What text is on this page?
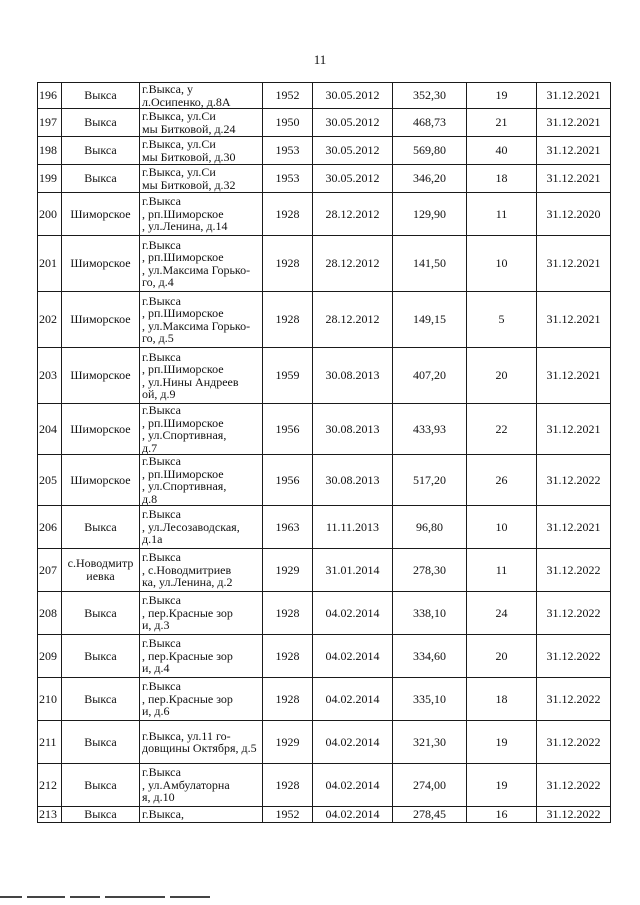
11
196	Выкса	г.Выкса, у
л.Осипенко, д.8А	1952	30.05.2012	352,30	19	31.12.2021
197	Выкса	г.Выкса, ул.Си
мы Битковой, д.24	1950	30.05.2012	468,73	21	31.12.2021
198	Выкса	г.Выкса, ул.Си
мы Битковой, д.30	1953	30.05.2012	569,80	40	31.12.2021
199	Выкса	г.Выкса, ул.Си
мы Битковой, д.32	1953	30.05.2012	346,20	18	31.12.2021
200	Шиморское	г.Выкса
, рп.Шиморское
, ул.Ленина, д.14	1928	28.12.2012	129,90	11	31.12.2020
201	Шиморское	г.Выкса
, рп.Шиморское
, ул.Максима Горько-
го, д.4	1928	28.12.2012	141,50	10	31.12.2021
202	Шиморское	г.Выкса
, рп.Шиморское
, ул.Максима Горько-
го, д.5	1928	28.12.2012	149,15	5	31.12.2021
203	Шиморское	г.Выкса
, рп.Шиморское
, ул.Нины Андреев
ой, д.9	1959	30.08.2013	407,20	20	31.12.2021
204	Шиморское	г.Выкса
, рп.Шиморское
, ул.Спортивная,
д.7	1956	30.08.2013	433,93	22	31.12.2021
205	Шиморское	г.Выкса
, рп.Шиморское
, ул.Спортивная,
д.8	1956	30.08.2013	517,20	26	31.12.2022
206	Выкса	г.Выкса
, ул.Лесозаводская,
д.1а	1963	11.11.2013	96,80	10	31.12.2021
207	с.Новодмитр
иевка	г.Выкса
, с.Новодмитриев
ка, ул.Ленина, д.2	1929	31.01.2014	278,30	11	31.12.2022
208	Выкса	г.Выкса
, пер.Красные зор
и, д.3	1928	04.02.2014	338,10	24	31.12.2022
209	Выкса	г.Выкса
, пер.Красные зор
и, д.4	1928	04.02.2014	334,60	20	31.12.2022
210	Выкса	г.Выкса
, пер.Красные зор
и, д.6	1928	04.02.2014	335,10	18	31.12.2022
211	Выкса	г.Выкса, ул.11 го-
довщины Октября, д.5	1929	04.02.2014	321,30	19	31.12.2022
212	Выкса	г.Выкса
, ул.Амбулаторна
я, д.10	1928	04.02.2014	274,00	19	31.12.2022
213	Выкса	г.Выкса,	1952	04.02.2014	278,45	16	31.12.2022
